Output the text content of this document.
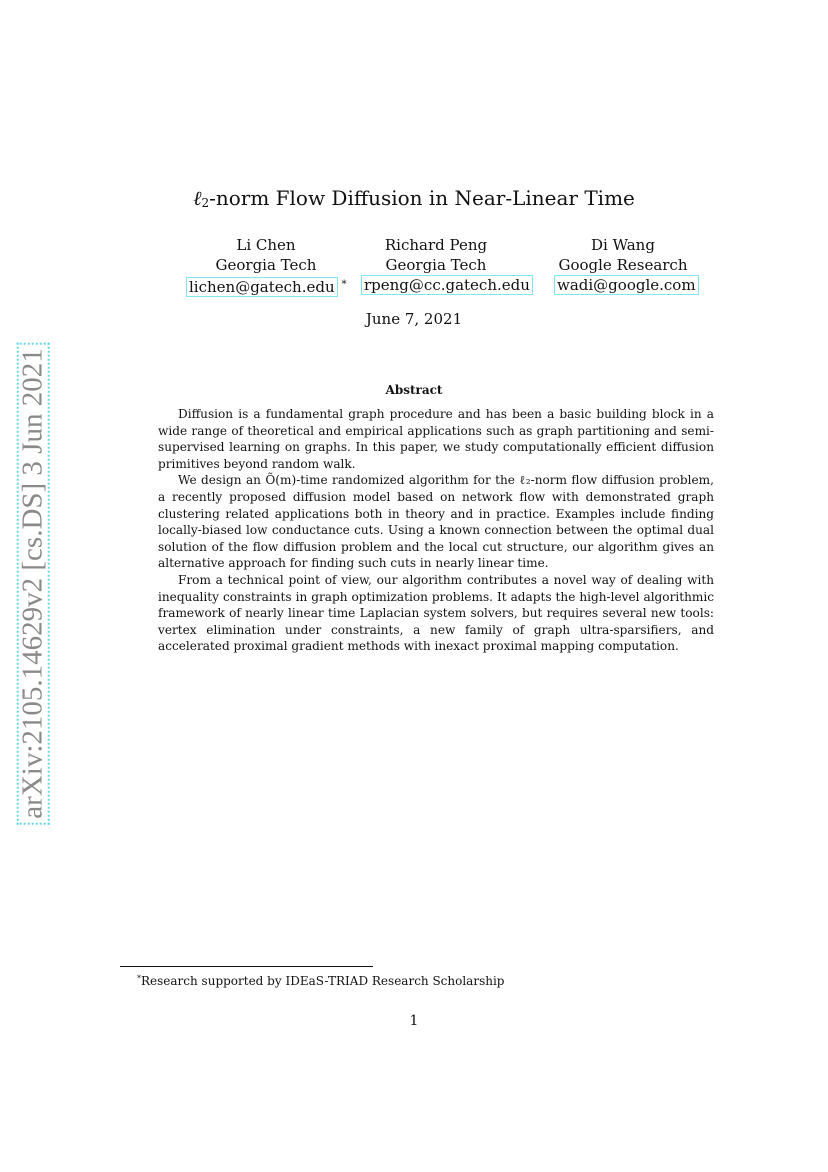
arXiv:2105.14629v2 [cs.DS] 3 Jun 2021
ℓ2-norm Flow Diffusion in Near-Linear Time
Li Chen
Georgia Tech
lichen@gatech.edu *
Richard Peng
Georgia Tech
rpeng@cc.gatech.edu
Di Wang
Google Research
wadi@google.com
June 7, 2021
Abstract

Diffusion is a fundamental graph procedure and has been a basic building block in a wide range of theoretical and empirical applications such as graph partitioning and semi-supervised learning on graphs. In this paper, we study computationally efficient diffusion primitives beyond random walk.

We design an Õ(m)-time randomized algorithm for the ℓ₂-norm flow diffusion problem, a recently proposed diffusion model based on network flow with demonstrated graph clustering related applications both in theory and in practice. Examples include finding locally-biased low conductance cuts. Using a known connection between the optimal dual solution of the flow diffusion problem and the local cut structure, our algorithm gives an alternative approach for finding such cuts in nearly linear time.

From a technical point of view, our algorithm contributes a novel way of dealing with inequality constraints in graph optimization problems. It adapts the high-level algorithmic framework of nearly linear time Laplacian system solvers, but requires several new tools: vertex elimination under constraints, a new family of graph ultra-sparsifiers, and accelerated proximal gradient methods with inexact proximal mapping computation.

*Research supported by IDEaS-TRIAD Research Scholarship
1
